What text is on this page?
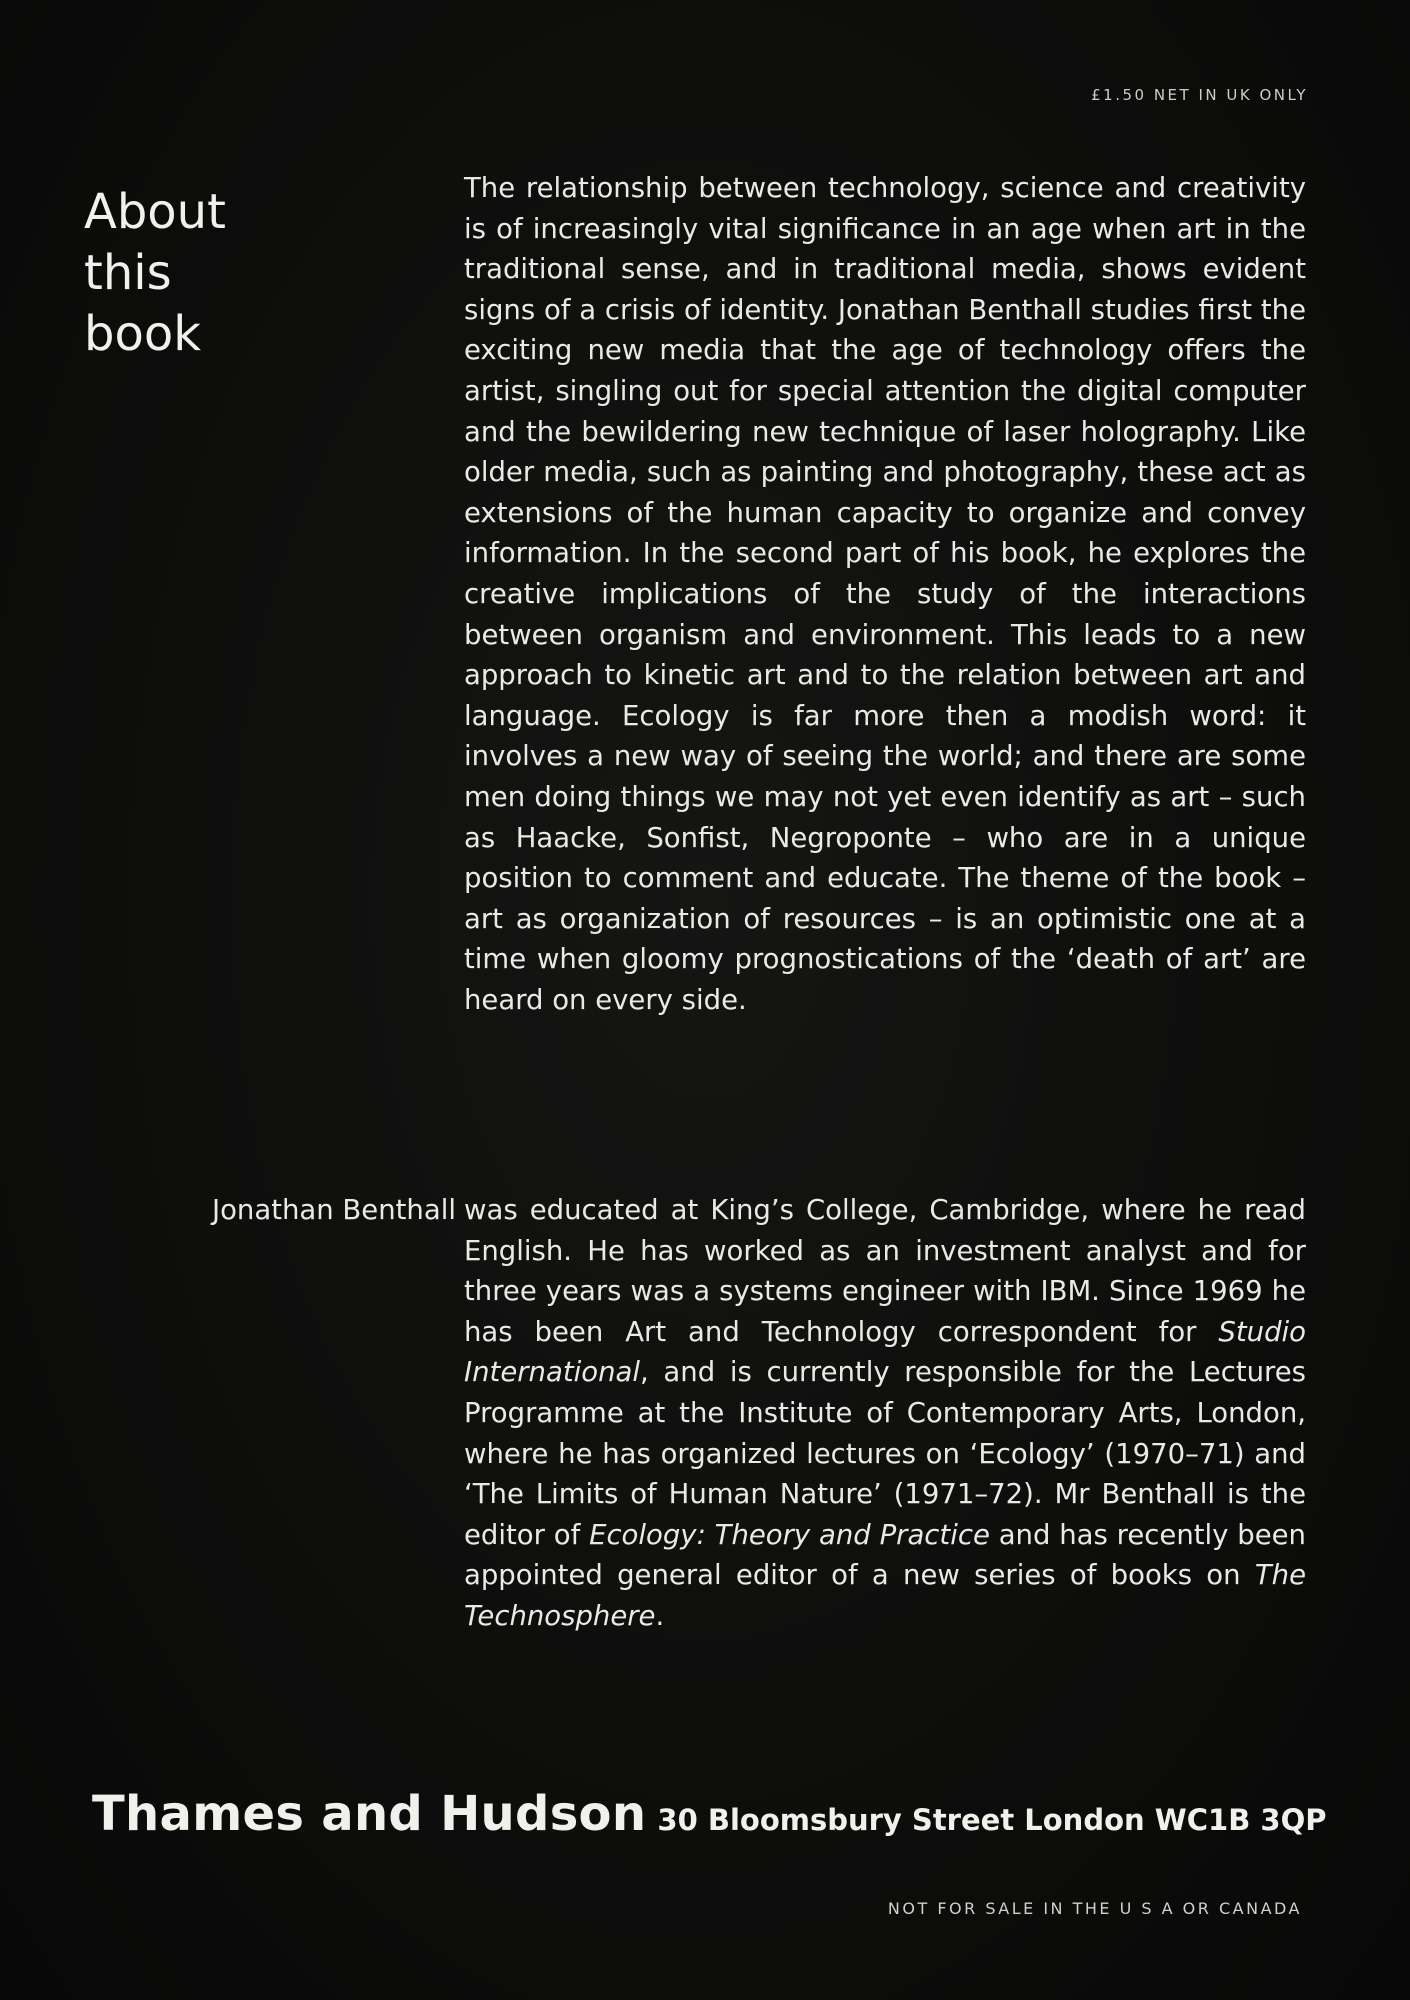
£1.50 NET IN UK ONLY
About
this
book
The relationship between technology, science and creativity is of increasingly vital significance in an age when art in the traditional sense, and in traditional media, shows evident signs of a crisis of identity. Jonathan Benthall studies first the exciting new media that the age of technology offers the artist, singling out for special attention the digital computer and the bewildering new technique of laser holography. Like older media, such as painting and photography, these act as extensions of the human capacity to organize and convey information. In the second part of his book, he explores the creative implications of the study of the interactions between organism and environment. This leads to a new approach to kinetic art and to the relation between art and language. Ecology is far more then a modish word: it involves a new way of seeing the world; and there are some men doing things we may not yet even identify as art – such as Haacke, Sonfist, Negroponte – who are in a unique position to comment and educate. The theme of the book – art as organization of resources – is an optimistic one at a time when gloomy prognostications of the ‘death of art’ are heard on every side.
Jonathan Benthall was educated at King’s College, Cambridge, where he read English. He has worked as an investment analyst and for three years was a systems engineer with IBM. Since 1969 he has been Art and Technology correspondent for Studio International, and is currently responsible for the Lectures Programme at the Institute of Contemporary Arts, London, where he has organized lectures on ‘Ecology’ (1970–71) and ‘The Limits of Human Nature’ (1971–72). Mr Benthall is the editor of Ecology: Theory and Practice and has recently been appointed general editor of a new series of books on The Technosphere.

Thames and Hudson 30 Bloomsbury Street London WC1B 3QP
NOT FOR SALE IN THE U S A OR CANADA
